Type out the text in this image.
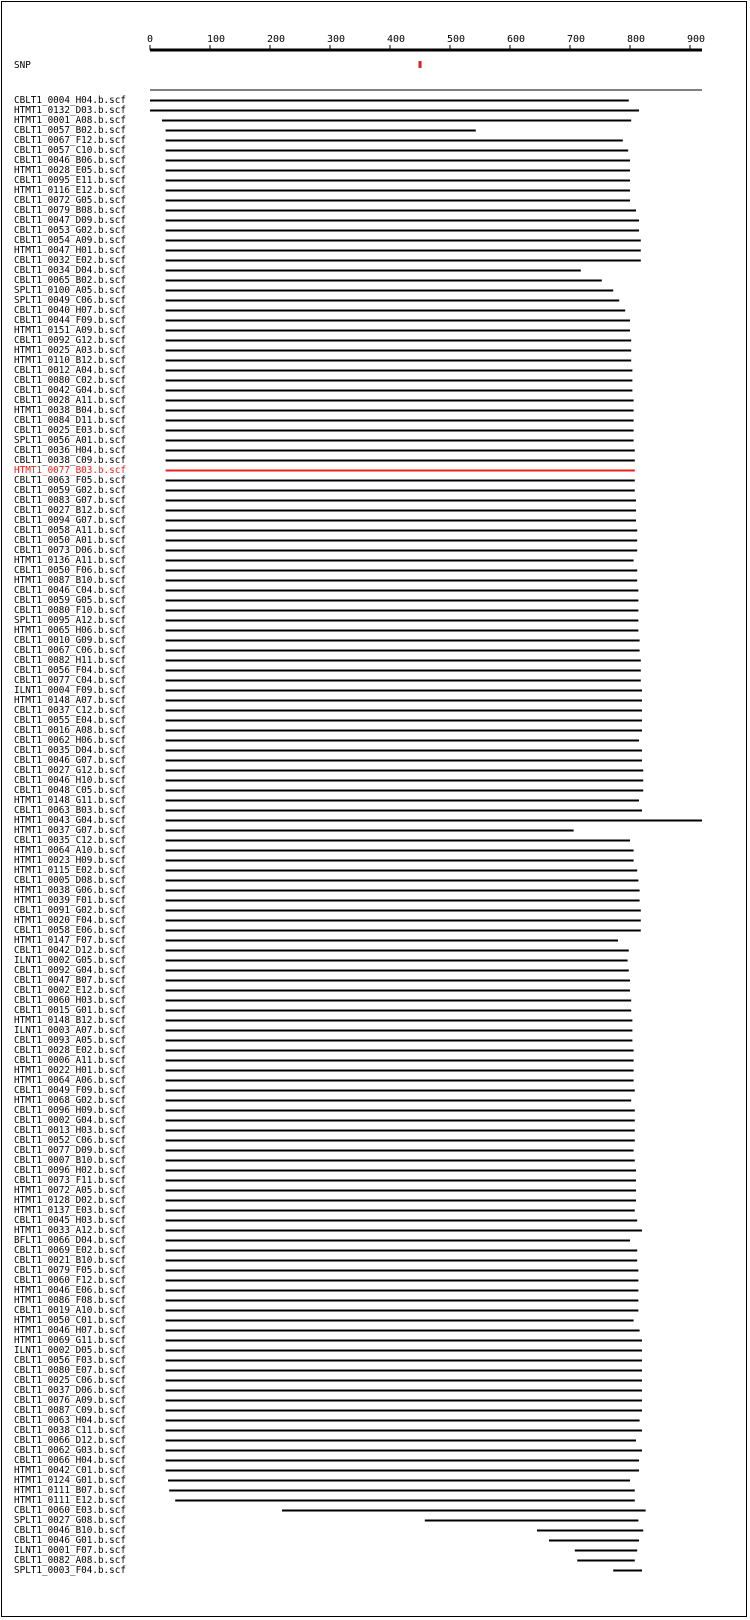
0	100	200	300	400	500	600	700	800	900
SNP
CBLT1_0004_H04.b.scf
HTMT1_0132_D03.b.scf
HTMT1_0001_A08.b.scf
CBLT1_0057_B02.b.scf
CBLT1_0067_F12.b.scf
CBLT1_0057_C10.b.scf
CBLT1_0046_B06.b.scf
HTMT1_0028_E05.b.scf
CBLT1_0095_E11.b.scf
HTMT1_0116_E12.b.scf
CBLT1_0072_G05.b.scf
CBLT1_0079_B08.b.scf
CBLT1_0047_D09.b.scf
CBLT1_0053_G02.b.scf
CBLT1_0054_A09.b.scf
HTMT1_0047_H01.b.scf
CBLT1_0032_E02.b.scf
CBLT1_0034_D04.b.scf
CBLT1_0065_B02.b.scf
SPLT1_0100_A05.b.scf
SPLT1_0049_C06.b.scf
CBLT1_0040_H07.b.scf
CBLT1_0044_F09.b.scf
HTMT1_0151_A09.b.scf
CBLT1_0092_G12.b.scf
HTMT1_0025_A03.b.scf
HTMT1_0110_B12.b.scf
CBLT1_0012_A04.b.scf
CBLT1_0080_C02.b.scf
CBLT1_0042_G04.b.scf
CBLT1_0028_A11.b.scf
HTMT1_0038_B04.b.scf
CBLT1_0084_D11.b.scf
CBLT1_0025_E03.b.scf
SPLT1_0056_A01.b.scf
CBLT1_0036_H04.b.scf
CBLT1_0038_C09.b.scf
HTMT1_0077_B03.b.scf
CBLT1_0063_F05.b.scf
CBLT1_0059_G02.b.scf
CBLT1_0083_G07.b.scf
CBLT1_0027_B12.b.scf
CBLT1_0094_G07.b.scf
CBLT1_0058_A11.b.scf
CBLT1_0050_A01.b.scf
CBLT1_0073_D06.b.scf
HTMT1_0136_A11.b.scf
CBLT1_0050_F06.b.scf
HTMT1_0087_B10.b.scf
CBLT1_0046_C04.b.scf
CBLT1_0059_G05.b.scf
CBLT1_0080_F10.b.scf
SPLT1_0095_A12.b.scf
HTMT1_0065_H06.b.scf
CBLT1_0010_G09.b.scf
CBLT1_0067_C06.b.scf
CBLT1_0082_H11.b.scf
CBLT1_0056_F04.b.scf
CBLT1_0077_C04.b.scf
ILNT1_0004_F09.b.scf
HTMT1_0148_A07.b.scf
CBLT1_0037_C12.b.scf
CBLT1_0055_E04.b.scf
CBLT1_0016_A08.b.scf
CBLT1_0062_H06.b.scf
CBLT1_0035_D04.b.scf
CBLT1_0046_G07.b.scf
CBLT1_0027_G12.b.scf
CBLT1_0046_H10.b.scf
CBLT1_0048_C05.b.scf
HTMT1_0148_G11.b.scf
CBLT1_0063_B03.b.scf
HTMT1_0043_G04.b.scf
HTMT1_0037_G07.b.scf
CBLT1_0035_C12.b.scf
HTMT1_0064_A10.b.scf
HTMT1_0023_H09.b.scf
HTMT1_0115_E02.b.scf
CBLT1_0005_D08.b.scf
HTMT1_0038_G06.b.scf
HTMT1_0039_F01.b.scf
CBLT1_0091_G02.b.scf
HTMT1_0020_F04.b.scf
CBLT1_0058_E06.b.scf
HTMT1_0147_F07.b.scf
CBLT1_0042_D12.b.scf
ILNT1_0002_G05.b.scf
CBLT1_0092_G04.b.scf
CBLT1_0047_B07.b.scf
CBLT1_0002_E12.b.scf
CBLT1_0060_H03.b.scf
CBLT1_0015_G01.b.scf
HTMT1_0148_B12.b.scf
ILNT1_0003_A07.b.scf
CBLT1_0093_A05.b.scf
CBLT1_0028_E02.b.scf
CBLT1_0006_A11.b.scf
HTMT1_0022_H01.b.scf
HTMT1_0064_A06.b.scf
CBLT1_0049_F09.b.scf
HTMT1_0068_G02.b.scf
CBLT1_0096_H09.b.scf
CBLT1_0002_G04.b.scf
CBLT1_0013_H03.b.scf
CBLT1_0052_C06.b.scf
CBLT1_0077_D09.b.scf
CBLT1_0007_B10.b.scf
CBLT1_0096_H02.b.scf
CBLT1_0073_F11.b.scf
HTMT1_0072_A05.b.scf
HTMT1_0128_D02.b.scf
HTMT1_0137_E03.b.scf
CBLT1_0045_H03.b.scf
HTMT1_0033_A12.b.scf
BFLT1_0066_D04.b.scf
CBLT1_0069_E02.b.scf
CBLT1_0021_B10.b.scf
CBLT1_0079_F05.b.scf
CBLT1_0060_F12.b.scf
HTMT1_0046_E06.b.scf
HTMT1_0086_F08.b.scf
CBLT1_0019_A10.b.scf
HTMT1_0050_C01.b.scf
HTMT1_0046_H07.b.scf
HTMT1_0069_G11.b.scf
ILNT1_0002_D05.b.scf
CBLT1_0056_F03.b.scf
CBLT1_0080_E07.b.scf
CBLT1_0025_C06.b.scf
CBLT1_0037_D06.b.scf
CBLT1_0076_A09.b.scf
CBLT1_0087_C09.b.scf
CBLT1_0063_H04.b.scf
CBLT1_0038_C11.b.scf
CBLT1_0066_D12.b.scf
CBLT1_0062_G03.b.scf
CBLT1_0066_H04.b.scf
HTMT1_0042_C01.b.scf
HTMT1_0124_G01.b.scf
HTMT1_0111_B07.b.scf
HTMT1_0111_E12.b.scf
CBLT1_0060_E03.b.scf
SPLT1_0027_G08.b.scf
CBLT1_0046_B10.b.scf
CBLT1_0046_G01.b.scf
ILNT1_0001_F07.b.scf
CBLT1_0082_A08.b.scf
SPLT1_0003_F04.b.scf
